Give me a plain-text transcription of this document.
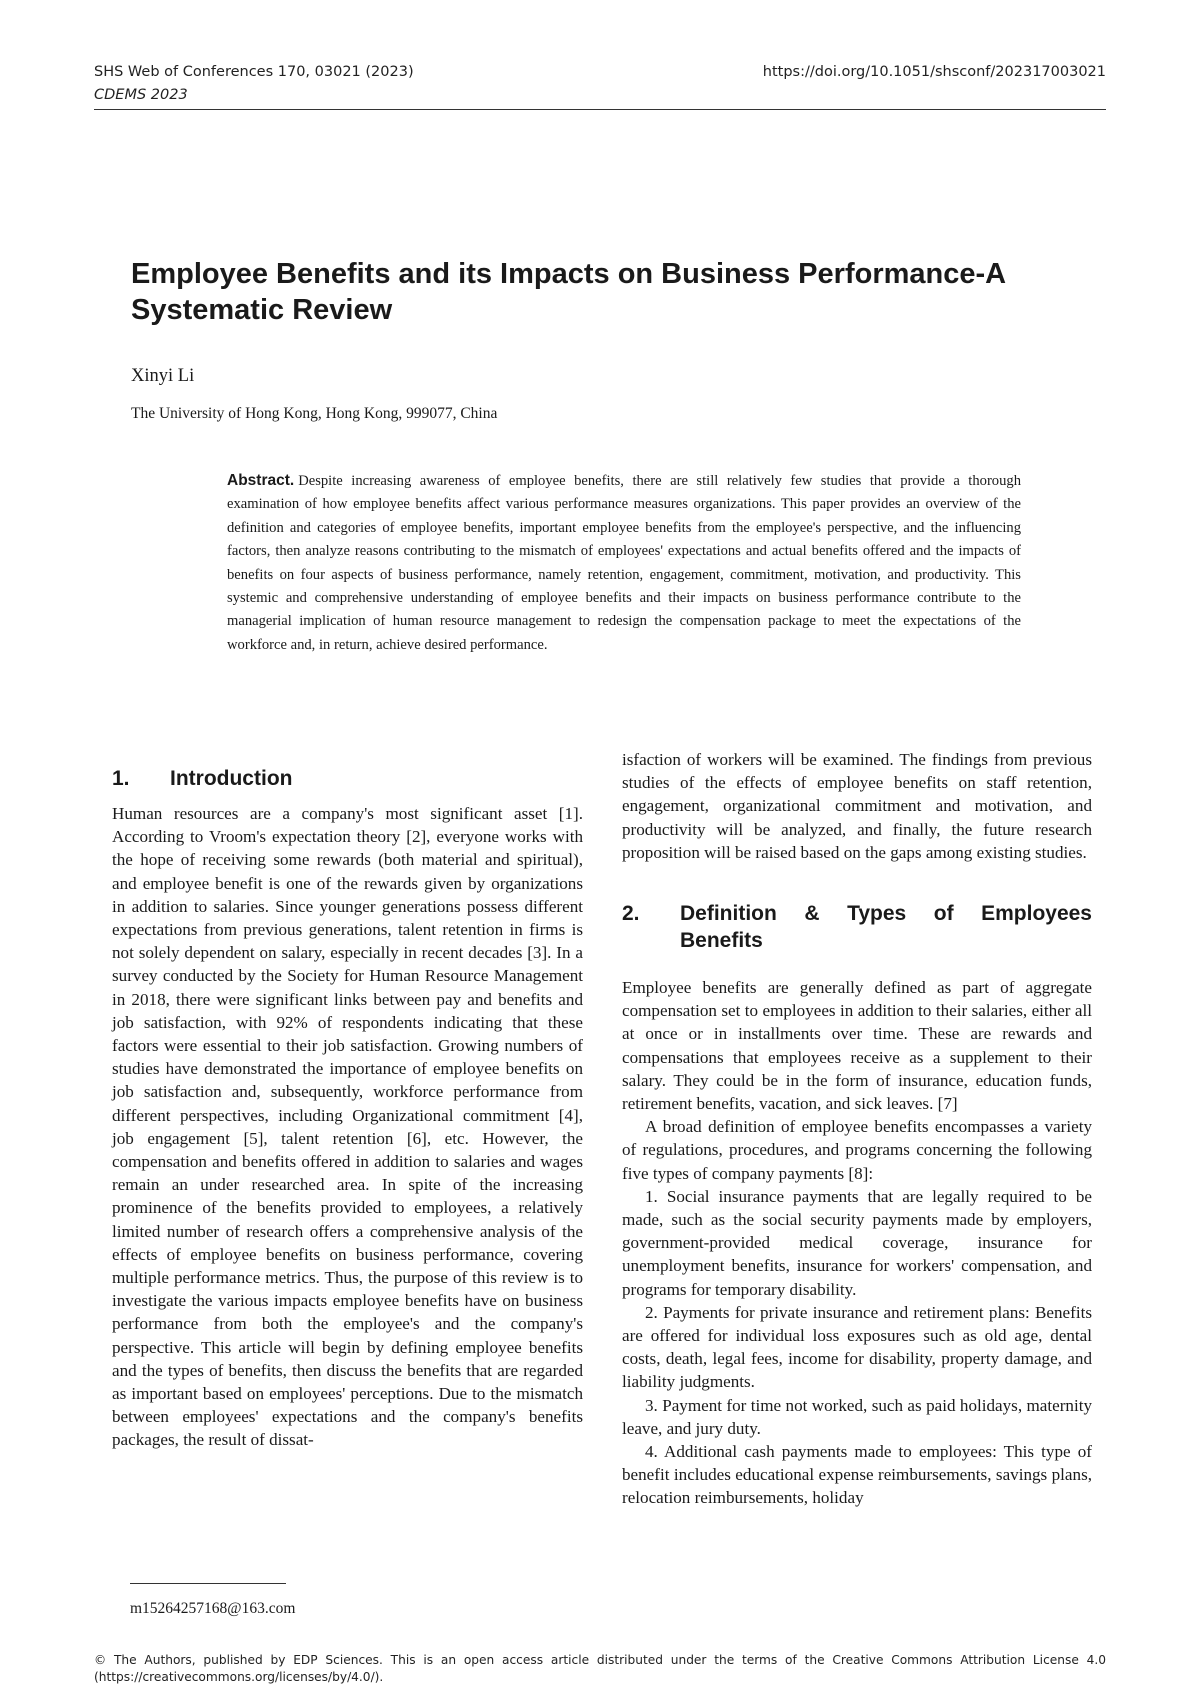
SHS Web of Conferences 170, 03021 (2023)
CDEMS 2023
https://doi.org/10.1051/shsconf/202317003021
Employee Benefits and its Impacts on Business Performance-A Systematic Review
Xinyi Li
The University of Hong Kong, Hong Kong, 999077, China
Abstract. Despite increasing awareness of employee benefits, there are still relatively few studies that provide a thorough examination of how employee benefits affect various performance measures organizations. This paper provides an overview of the definition and categories of employee benefits, important employee benefits from the employee's perspective, and the influencing factors, then analyze reasons contributing to the mismatch of employees' expectations and actual benefits offered and the impacts of benefits on four aspects of business performance, namely retention, engagement, commitment, motivation, and productivity. This systemic and comprehensive understanding of employee benefits and their impacts on business performance contribute to the managerial implication of human resource management to redesign the compensation package to meet the expectations of the workforce and, in return, achieve desired performance.
1.	Introduction

Human resources are a company's most significant asset [1]. According to Vroom's expectation theory [2], everyone works with the hope of receiving some rewards (both material and spiritual), and employee benefit is one of the rewards given by organizations in addition to salaries. Since younger generations possess different expectations from previous generations, talent retention in firms is not solely dependent on salary, especially in recent decades [3]. In a survey conducted by the Society for Human Resource Management in 2018, there were significant links between pay and benefits and job satisfaction, with 92% of respondents indicating that these factors were essential to their job satisfaction. Growing numbers of studies have demonstrated the importance of employee benefits on job satisfaction and, subsequently, workforce performance from different perspectives, including Organizational commitment [4], job engagement [5], talent retention [6], etc. However, the compensation and benefits offered in addition to salaries and wages remain an under researched area. In spite of the increasing prominence of the benefits provided to employees, a relatively limited number of research offers a comprehensive analysis of the effects of employee benefits on business performance, covering multiple performance metrics. Thus, the purpose of this review is to investigate the various impacts employee benefits have on business performance from both the employee's and the company's perspective. This article will begin by defining employee benefits and the types of benefits, then discuss the benefits that are regarded as important based on employees' perceptions. Due to the mismatch between employees' expectations and the company's benefits packages, the result of dissat-

isfaction of workers will be examined. The findings from previous studies of the effects of employee benefits on staff retention, engagement, organizational commitment and motivation, and productivity will be analyzed, and finally, the future research proposition will be raised based on the gaps among existing studies.

2.	Definition & Types of Employees Benefits

Employee benefits are generally defined as part of aggregate compensation set to employees in addition to their salaries, either all at once or in installments over time. These are rewards and compensations that employees receive as a supplement to their salary. They could be in the form of insurance, education funds, retirement benefits, vacation, and sick leaves. [7]

A broad definition of employee benefits encompasses a variety of regulations, procedures, and programs concerning the following five types of company payments [8]:

1. Social insurance payments that are legally required to be made, such as the social security payments made by employers, government-provided medical coverage, insurance for unemployment benefits, insurance for workers' compensation, and programs for temporary disability.

2. Payments for private insurance and retirement plans: Benefits are offered for individual loss exposures such as old age, dental costs, death, legal fees, income for disability, property damage, and liability judgments.

3. Payment for time not worked, such as paid holidays, maternity leave, and jury duty.

4. Additional cash payments made to employees: This type of benefit includes educational expense reimbursements, savings plans, relocation reimbursements, holiday

m15264257168@163.com
© The Authors, published by EDP Sciences. This is an open access article distributed under the terms of the Creative Commons Attribution License 4.0 (https://creativecommons.org/licenses/by/4.0/).
